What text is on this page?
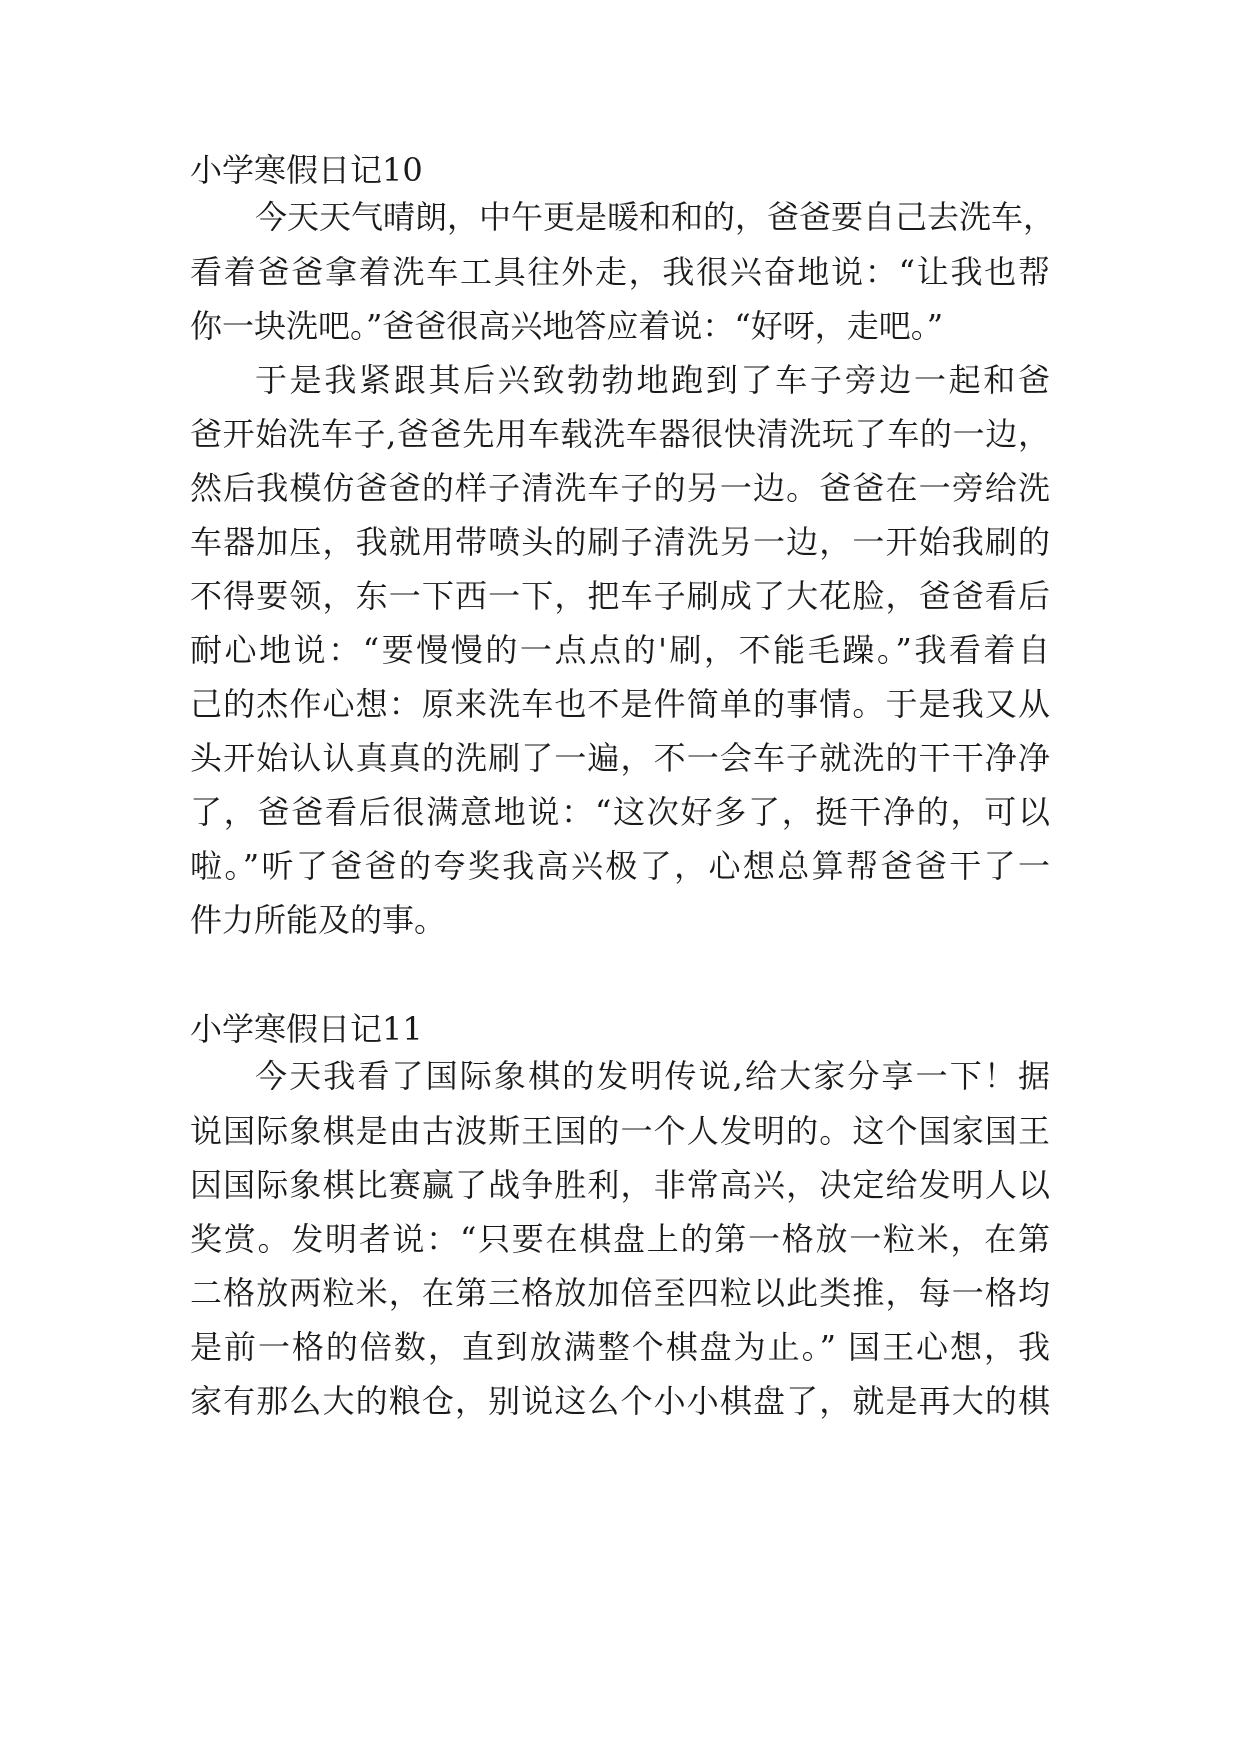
小学寒假日记10

今天天气晴朗，中午更是暖和和的，爸爸要自己去洗车，

看着爸爸拿着洗车工具往外走，我很兴奋地说：“让我也帮

你一块洗吧。”爸爸很高兴地答应着说：“好呀，走吧。”

于是我紧跟其后兴致勃勃地跑到了车子旁边一起和爸

爸开始洗车子,爸爸先用车载洗车器很快清洗玩了车的一边，

然后我模仿爸爸的样子清洗车子的另一边。爸爸在一旁给洗

车器加压，我就用带喷头的刷子清洗另一边，一开始我刷的

不得要领，东一下西一下，把车子刷成了大花脸，爸爸看后

耐心地说：“要慢慢的一点点的'刷，不能毛躁。”我看着自

己的杰作心想：原来洗车也不是件简单的事情。于是我又从

头开始认认真真的洗刷了一遍，不一会车子就洗的干干净净

了，爸爸看后很满意地说：“这次好多了，挺干净的，可以

啦。”听了爸爸的夸奖我高兴极了，心想总算帮爸爸干了一

件力所能及的事。

小学寒假日记11

今天我看了国际象棋的发明传说,给大家分享一下！据

说国际象棋是由古波斯王国的一个人发明的。这个国家国王

因国际象棋比赛赢了战争胜利，非常高兴，决定给发明人以

奖赏。发明者说：“只要在棋盘上的第一格放一粒米，在第

二格放两粒米，在第三格放加倍至四粒以此类推，每一格均

是前一格的倍数，直到放满整个棋盘为止。” 国王心想，我

家有那么大的粮仓，别说这么个小小棋盘了，就是再大的棋
